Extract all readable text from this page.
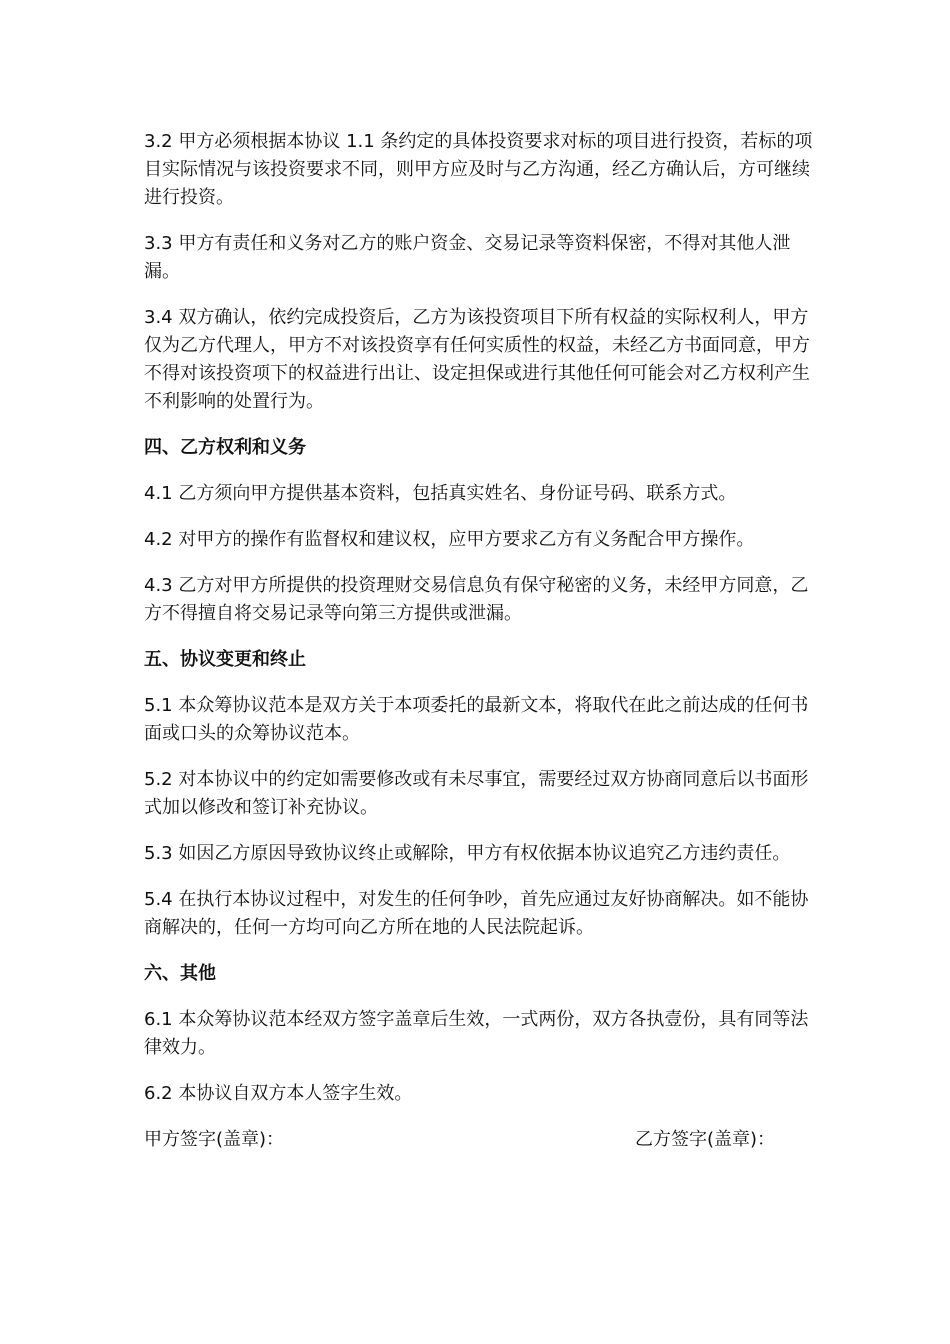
3.2 甲方必须根据本协议 1.1 条约定的具体投资要求对标的项目进行投资，若标的项目实际情况与该投资要求不同，则甲方应及时与乙方沟通，经乙方确认后，方可继续进行投资。

3.3 甲方有责任和义务对乙方的账户资金、交易记录等资料保密，不得对其他人泄漏。

3.4 双方确认，依约完成投资后，乙方为该投资项目下所有权益的实际权利人，甲方仅为乙方代理人，甲方不对该投资享有任何实质性的权益，未经乙方书面同意，甲方不得对该投资项下的权益进行出让、设定担保或进行其他任何可能会对乙方权利产生不利影响的处置行为。

四、乙方权利和义务

4.1 乙方须向甲方提供基本资料，包括真实姓名、身份证号码、联系方式。

4.2 对甲方的操作有监督权和建议权，应甲方要求乙方有义务配合甲方操作。

4.3 乙方对甲方所提供的投资理财交易信息负有保守秘密的义务，未经甲方同意，乙方不得擅自将交易记录等向第三方提供或泄漏。

五、协议变更和终止

5.1 本众筹协议范本是双方关于本项委托的最新文本，将取代在此之前达成的任何书面或口头的众筹协议范本。

5.2 对本协议中的约定如需要修改或有未尽事宜，需要经过双方协商同意后以书面形式加以修改和签订补充协议。

5.3 如因乙方原因导致协议终止或解除，甲方有权依据本协议追究乙方违约责任。

5.4 在执行本协议过程中，对发生的任何争吵，首先应通过友好协商解决。如不能协商解决的，任何一方均可向乙方所在地的人民法院起诉。

六、其他

6.1 本众筹协议范本经双方签字盖章后生效，一式两份，双方各执壹份，具有同等法律效力。

6.2 本协议自双方本人签字生效。

甲方签字(盖章)：	乙方签字(盖章)：
